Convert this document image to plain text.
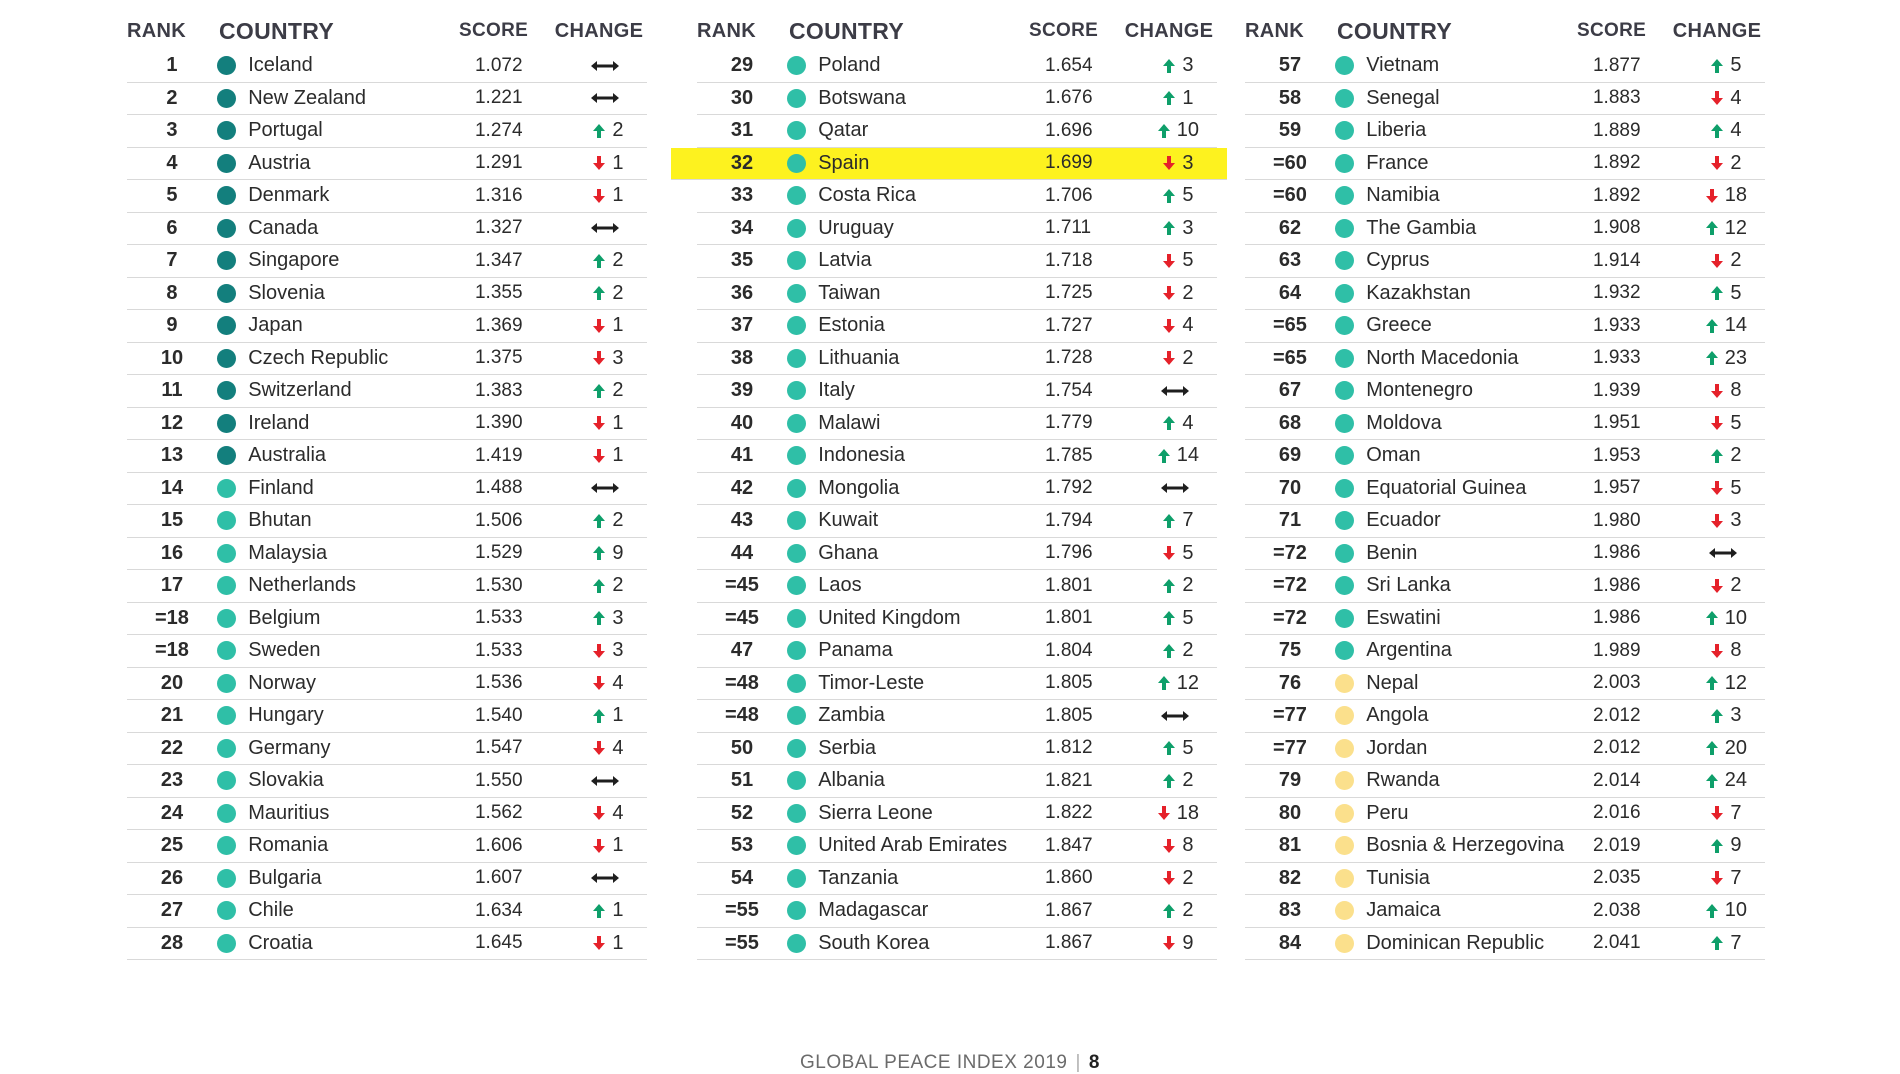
RANK	COUNTRY	SCORE	CHANGE
1	Iceland	1.072
2	New Zealand	1.221
3	Portugal	1.274	2
4	Austria	1.291	1
5	Denmark	1.316	1
6	Canada	1.327
7	Singapore	1.347	2
8	Slovenia	1.355	2
9	Japan	1.369	1
10	Czech Republic	1.375	3
11	Switzerland	1.383	2
12	Ireland	1.390	1
13	Australia	1.419	1
14	Finland	1.488
15	Bhutan	1.506	2
16	Malaysia	1.529	9
17	Netherlands	1.530	2
=18	Belgium	1.533	3
=18	Sweden	1.533	3
20	Norway	1.536	4
21	Hungary	1.540	1
22	Germany	1.547	4
23	Slovakia	1.550
24	Mauritius	1.562	4
25	Romania	1.606	1
26	Bulgaria	1.607
27	Chile	1.634	1
28	Croatia	1.645	1
RANK	COUNTRY	SCORE	CHANGE
29	Poland	1.654	3
30	Botswana	1.676	1
31	Qatar	1.696	10
32	Spain	1.699	3
33	Costa Rica	1.706	5
34	Uruguay	1.711	3
35	Latvia	1.718	5
36	Taiwan	1.725	2
37	Estonia	1.727	4
38	Lithuania	1.728	2
39	Italy	1.754
40	Malawi	1.779	4
41	Indonesia	1.785	14
42	Mongolia	1.792
43	Kuwait	1.794	7
44	Ghana	1.796	5
=45	Laos	1.801	2
=45	United Kingdom	1.801	5
47	Panama	1.804	2
=48	Timor-Leste	1.805	12
=48	Zambia	1.805
50	Serbia	1.812	5
51	Albania	1.821	2
52	Sierra Leone	1.822	18
53	United Arab Emirates	1.847	8
54	Tanzania	1.860	2
=55	Madagascar	1.867	2
=55	South Korea	1.867	9
RANK	COUNTRY	SCORE	CHANGE
57	Vietnam	1.877	5
58	Senegal	1.883	4
59	Liberia	1.889	4
=60	France	1.892	2
=60	Namibia	1.892	18
62	The Gambia	1.908	12
63	Cyprus	1.914	2
64	Kazakhstan	1.932	5
=65	Greece	1.933	14
=65	North Macedonia	1.933	23
67	Montenegro	1.939	8
68	Moldova	1.951	5
69	Oman	1.953	2
70	Equatorial Guinea	1.957	5
71	Ecuador	1.980	3
=72	Benin	1.986
=72	Sri Lanka	1.986	2
=72	Eswatini	1.986	10
75	Argentina	1.989	8
76	Nepal	2.003	12
=77	Angola	2.012	3
=77	Jordan	2.012	20
79	Rwanda	2.014	24
80	Peru	2.016	7
81	Bosnia & Herzegovina	2.019	9
82	Tunisia	2.035	7
83	Jamaica	2.038	10
84	Dominican Republic	2.041	7
GLOBAL PEACE INDEX 2019 | 8
